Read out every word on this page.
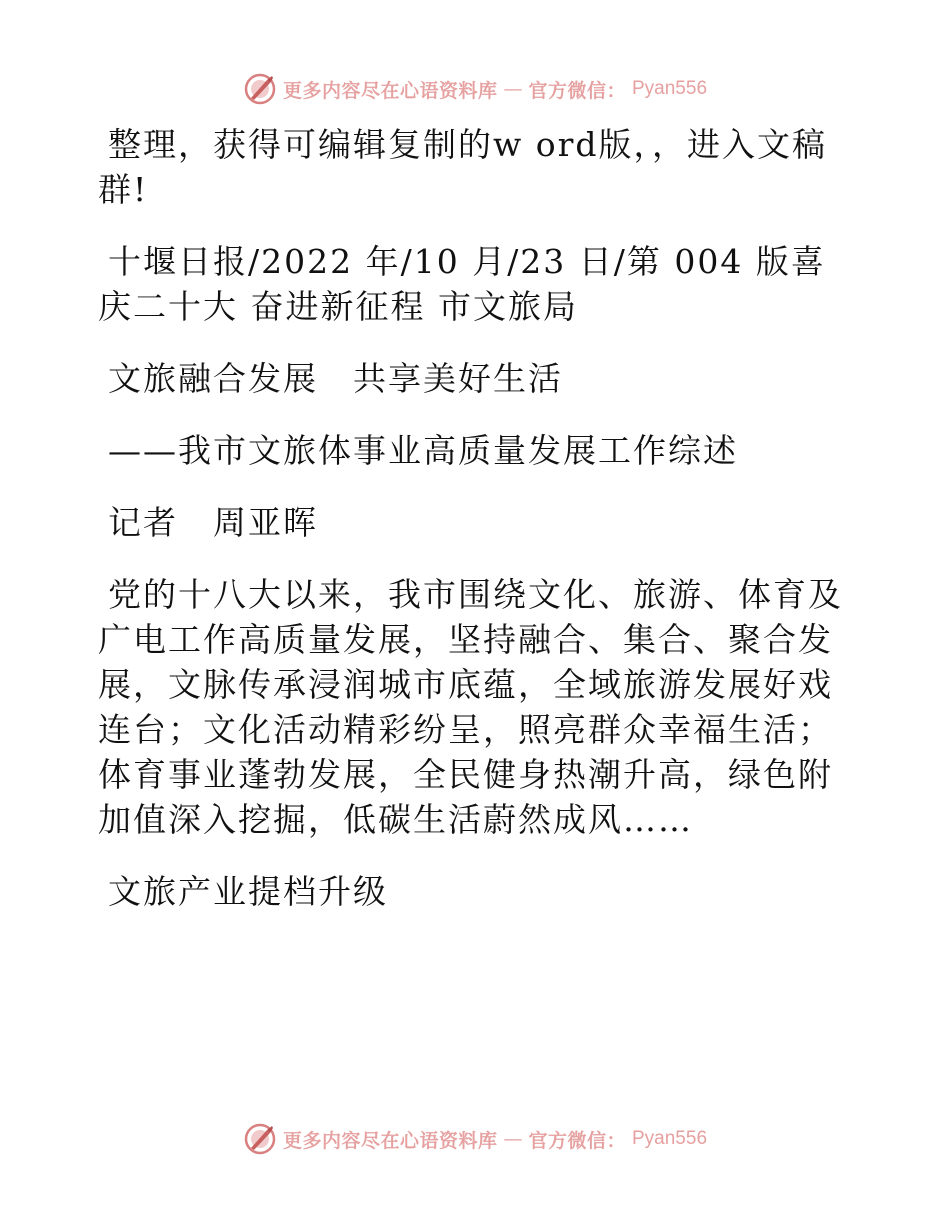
更多内容尽在心语资料库 — 官方微信： Pyan556

整理，获得可编辑复制的w ord版，，进入文稿群!

十堰日报/2022 年/10 月/23 日/第 004 版喜庆二十大 奋进新征程 市文旅局

文旅融合发展　共享美好生活

——我市文旅体事业高质量发展工作综述

记者　周亚晖

党的十八大以来，我市围绕文化、旅游、体育及广电工作高质量发展，坚持融合、集合、聚合发展，文脉传承浸润城市底蕴，全域旅游发展好戏连台；文化活动精彩纷呈，照亮群众幸福生活；体育事业蓬勃发展，全民健身热潮升高，绿色附加值深入挖掘，低碳生活蔚然成风……

文旅产业提档升级

更多内容尽在心语资料库 — 官方微信： Pyan556
